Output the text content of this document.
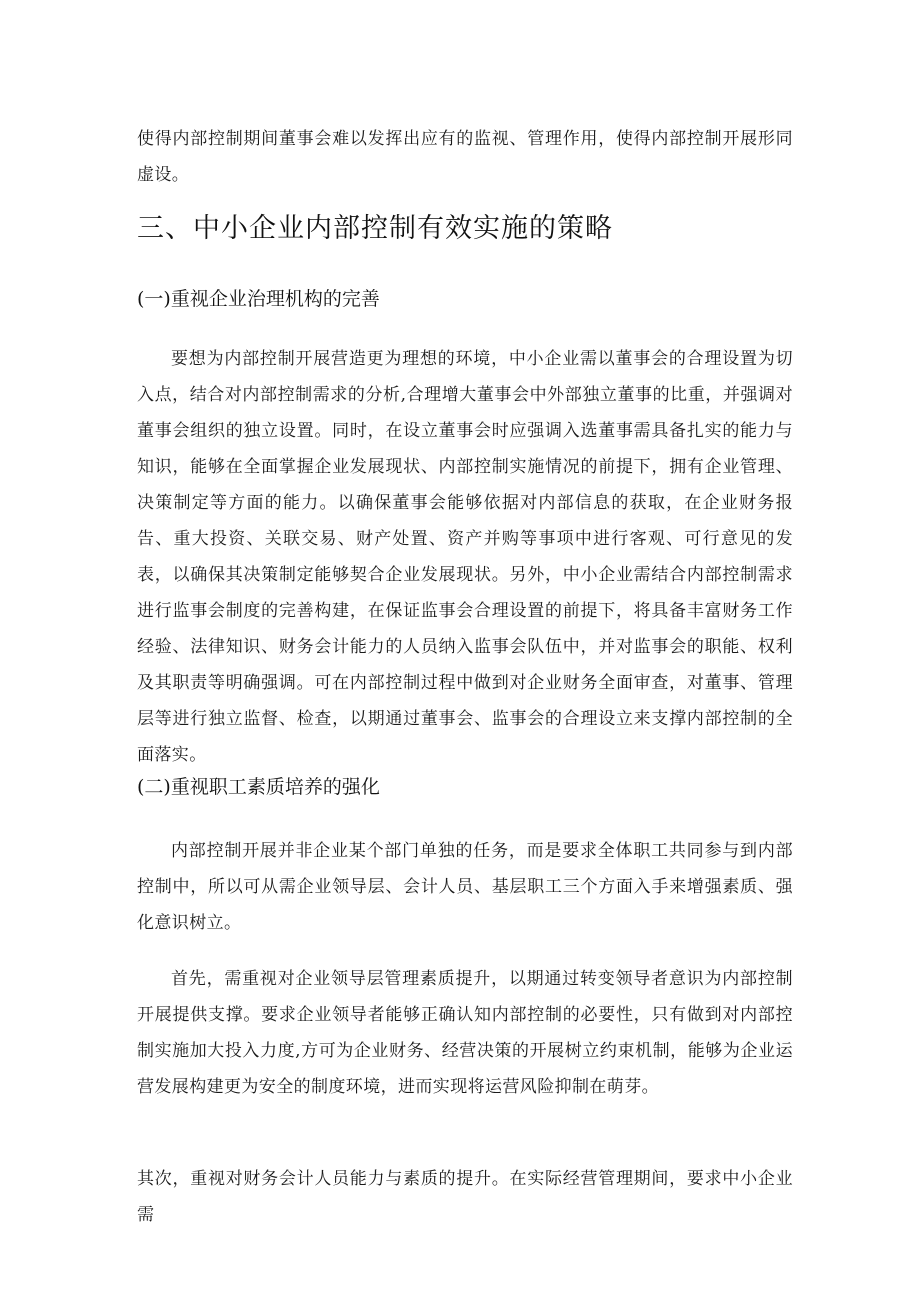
使得内部控制期间董事会难以发挥出应有的监视、管理作用，使得内部控制开展形同虚设。

三、中小企业内部控制有效实施的策略
(一)重视企业治理机构的完善

要想为内部控制开展营造更为理想的环境，中小企业需以董事会的合理设置为切入点，结合对内部控制需求的分析,合理增大董事会中外部独立董事的比重，并强调对董事会组织的独立设置。同时，在设立董事会时应强调入选董事需具备扎实的能力与知识，能够在全面掌握企业发展现状、内部控制实施情况的前提下，拥有企业管理、决策制定等方面的能力。以确保董事会能够依据对内部信息的获取，在企业财务报告、重大投资、关联交易、财产处置、资产并购等事项中进行客观、可行意见的发表，以确保其决策制定能够契合企业发展现状。另外，中小企业需结合内部控制需求进行监事会制度的完善构建，在保证监事会合理设置的前提下，将具备丰富财务工作经验、法律知识、财务会计能力的人员纳入监事会队伍中，并对监事会的职能、权利及其职责等明确强调。可在内部控制过程中做到对企业财务全面审查，对董事、管理层等进行独立监督、检查，以期通过董事会、监事会的合理设立来支撑内部控制的全面落实。

(二)重视职工素质培养的强化

内部控制开展并非企业某个部门单独的任务，而是要求全体职工共同参与到内部控制中，所以可从需企业领导层、会计人员、基层职工三个方面入手来增强素质、强化意识树立。

首先，需重视对企业领导层管理素质提升，以期通过转变领导者意识为内部控制开展提供支撑。要求企业领导者能够正确认知内部控制的必要性，只有做到对内部控制实施加大投入力度,方可为企业财务、经营决策的开展树立约束机制，能够为企业运营发展构建更为安全的制度环境，进而实现将运营风险抑制在萌芽。

其次，重视对财务会计人员能力与素质的提升。在实际经营管理期间，要求中小企业需
